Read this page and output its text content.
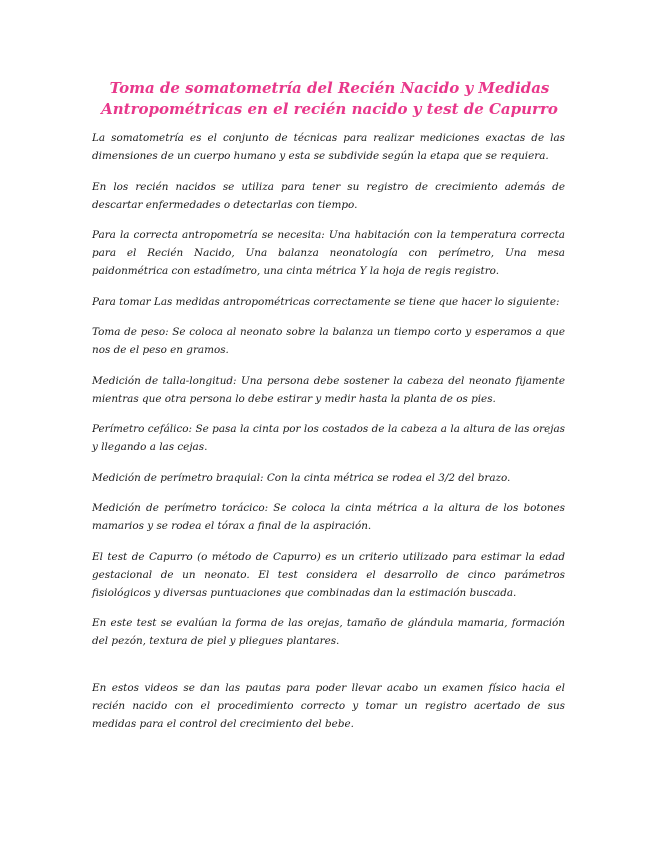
Toma de somatometría del Recién Nacido y Medidas Antropométricas en el recién nacido y test de Capurro

La somatometría es el conjunto de técnicas para realizar mediciones exactas de las dimensiones de un cuerpo humano y esta se subdivide según la etapa que se requiera.

En los recién nacidos se utiliza para tener su registro de crecimiento además de descartar enfermedades o detectarlas con tiempo.

Para la correcta antropometría se necesita: Una habitación con la temperatura correcta para el Recién Nacido, Una balanza neonatología con perímetro, Una mesa paidonmétrica con estadímetro, una cinta métrica Y la hoja de regis registro.

Para tomar Las medidas antropométricas correctamente se tiene que hacer lo siguiente:

Toma de peso: Se coloca al neonato sobre la balanza un tiempo corto y esperamos a que nos de el peso en gramos.

Medición de talla-longitud: Una persona debe sostener la cabeza del neonato fijamente mientras que otra persona lo debe estirar y medir hasta la planta de os pies.

Perímetro cefálico: Se pasa la cinta por los costados de la cabeza a la altura de las orejas y llegando a las cejas.

Medición de perímetro braquial: Con la cinta métrica se rodea el 3/2 del brazo.

Medición de perímetro torácico: Se coloca la cinta métrica a la altura de los botones mamarios y se rodea el tórax a final de la aspiración.

El test de Capurro (o método de Capurro) es un criterio utilizado para estimar la edad gestacional de un neonato. El test considera el desarrollo de cinco parámetros fisiológicos y diversas puntuaciones que combinadas dan la estimación buscada.

En este test se evalúan la forma de las orejas, tamaño de glándula mamaria, formación del pezón, textura de piel y pliegues plantares.

En estos videos se dan las pautas para poder llevar acabo un examen físico hacia el recién nacido con el procedimiento correcto y tomar un registro acertado de sus medidas para el control del crecimiento del bebe.
